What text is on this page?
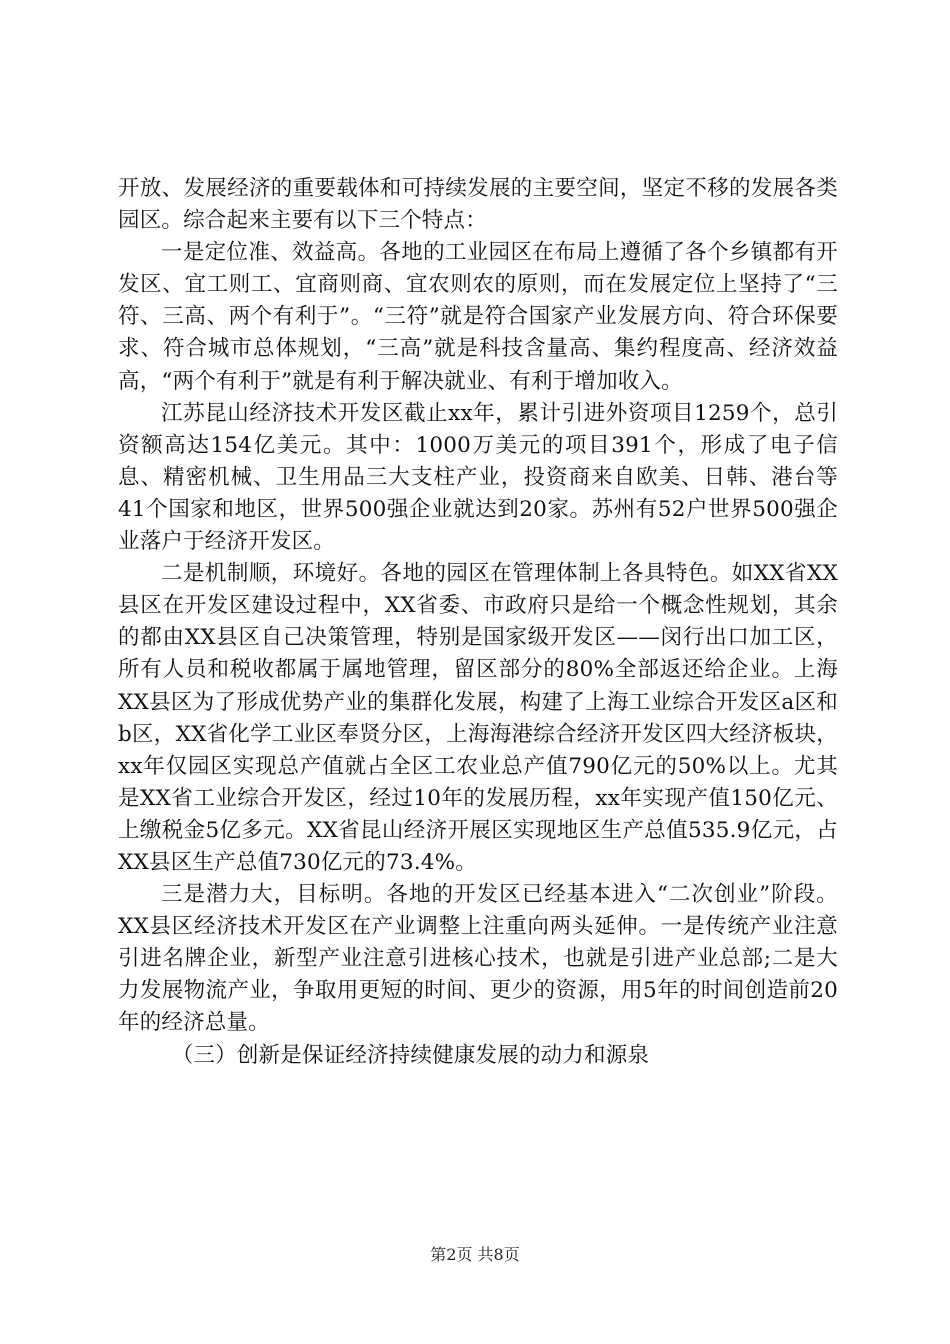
开放、发展经济的重要载体和可持续发展的主要空间，坚定不移的发展各类园区。综合起来主要有以下三个特点：

一是定位准、效益高。各地的工业园区在布局上遵循了各个乡镇都有开发区、宜工则工、宜商则商、宜农则农的原则，而在发展定位上坚持了“三符、三高、两个有利于”。“三符”就是符合国家产业发展方向、符合环保要求、符合城市总体规划，“三高”就是科技含量高、集约程度高、经济效益高，“两个有利于”就是有利于解决就业、有利于增加收入。

江苏昆山经济技术开发区截止xx年，累计引进外资项目1259个，总引资额高达154亿美元。其中：1000万美元的项目391个，形成了电子信息、精密机械、卫生用品三大支柱产业，投资商来自欧美、日韩、港台等41个国家和地区，世界500强企业就达到20家。苏州有52户世界500强企业落户于经济开发区。

二是机制顺，环境好。各地的园区在管理体制上各具特色。如XX省XX县区在开发区建设过程中，XX省委、市政府只是给一个概念性规划，其余的都由XX县区自己决策管理，特别是国家级开发区——闵行出口加工区，所有人员和税收都属于属地管理，留区部分的80%全部返还给企业。上海XX县区为了形成优势产业的集群化发展，构建了上海工业综合开发区a区和b区，XX省化学工业区奉贤分区，上海海港综合经济开发区四大经济板块，xx年仅园区实现总产值就占全区工农业总产值790亿元的50%以上。尤其是XX省工业综合开发区，经过10年的发展历程，xx年实现产值150亿元、上缴税金5亿多元。XX省昆山经济开展区实现地区生产总值535.9亿元，占XX县区生产总值730亿元的73.4%。

三是潜力大，目标明。各地的开发区已经基本进入“二次创业”阶段。XX县区经济技术开发区在产业调整上注重向两头延伸。一是传统产业注意引进名牌企业，新型产业注意引进核心技术，也就是引进产业总部;二是大力发展物流产业，争取用更短的时间、更少的资源，用5年的时间创造前20年的经济总量。

（三）创新是保证经济持续健康发展的动力和源泉

第2页 共8页
